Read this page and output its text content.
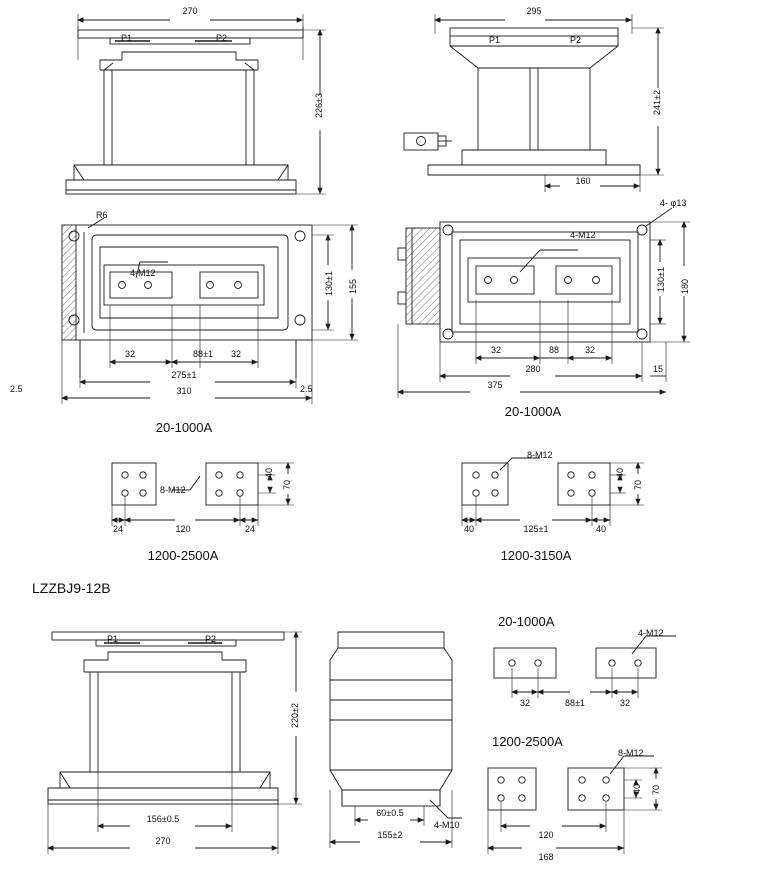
270
P1	P2
226±3
295
P1	P2
241±2
160
R6
4-M12	130±1 155
32	88±1 32
2.5	2.5
275±1
310
20-1000A
4- φ13
4-M12
130±1 180
32	88	32
280	15
375
20-1000A
8-M12
40
70
24	120	24
1200-2500A
8-M12
40
70
40	125±1	40
1200-3150A
LZZBJ9-12B
P1	P2
220±2
156±0.5
270
60±0.5
155±2
4-M10
20-1000A
4-M12
32	88±1	32
1200-2500A
8-M12
40 70
120
168
